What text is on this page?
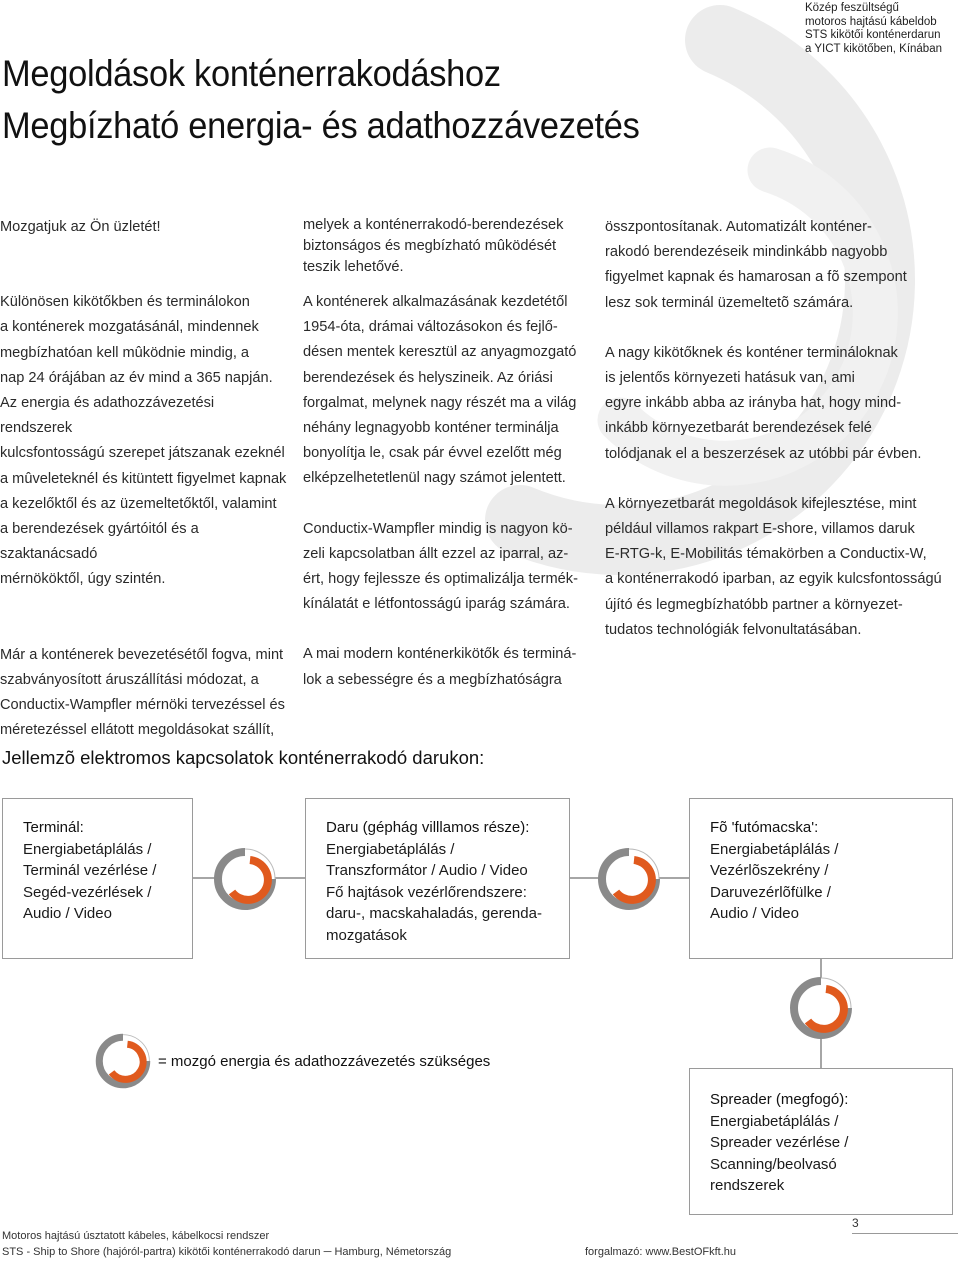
Közép feszültségű
motoros hajtású kábeldob
STS kikötői konténerdarun
a YICT kikötőben, Kínában
Megoldások konténerrakodáshoz
Megbízható energia- és adathozzávezetés

Mozgatjuk az Ön üzletét!

Különösen kikötőkben és terminálokon

a konténerek mozgatásánál, mindennek

megbízhatóan kell mûködnie mindig, a

nap 24 órájában az év mind a 365 napján.

Az energia és adathozzávezetési rendszerek

kulcsfontosságú szerepet játszanak ezeknél

a mûveleteknél és kitüntett figyelmet kapnak

a kezelőktől és az üzemeltetőktől, valamint

a berendezések gyártóitól és a szaktanácsadó

mérnököktől, úgy szintén.

Már a konténerek bevezetésétől fogva, mint

szabványosított áruszállítási módozat, a

Conductix-Wampfler mérnöki tervezéssel és

méretezéssel ellátott megoldásokat szállít,

melyek a konténerrakodó-berendezések

biztonságos és megbízható mûködését

teszik lehetővé.

A konténerek alkalmazásának kezdetétől

1954-óta, drámai változásokon és fejlő-

désen mentek keresztül az anyagmozgató

berendezések és helyszineik. Az óriási

forgalmat, melynek nagy részét ma a világ

néhány legnagyobb konténer terminálja

bonyolítja le, csak pár évvel ezelőtt még

elképzelhetetlenül nagy számot jelentett.

Conductix-Wampfler mindig is nagyon kö-

zeli kapcsolatban állt ezzel az iparral, az-

ért, hogy fejlessze és optimalizálja termék-

kínálatát e létfontosságú iparág számára.

A mai modern konténerkikötők és terminá-

lok a sebességre és a megbízhatóságra

összpontosítanak. Automatizált konténer-

rakodó berendezéseik mindinkább nagyobb

figyelmet kapnak és hamarosan a fõ szempont

lesz sok terminál üzemeltetõ számára.

A nagy kikötőknek és konténer termináloknak

is jelentős környezeti hatásuk van, ami

egyre inkább abba az irányba hat, hogy mind-

inkább környezetbarát berendezések felé

tolódjanak el a beszerzések az utóbbi pár évben.

A környezetbarát megoldások kifejlesztése, mint

például villamos rakpart E-shore, villamos daruk

E-RTG-k, E-Mobilitás témakörben a Conductix-W,

a konténerrakodó iparban, az egyik kulcsfontosságú

újító és legmegbízhatóbb partner a környezet-

tudatos technológiák felvonultatásában.

Jellemzõ elektromos kapcsolatok konténerrakodó darukon:
Terminál:
Energiabetáplálás /
Terminál vezérlése /
Segéd-vezérlések /
Audio / Video
Daru (géphág villlamos része):
Energiabetáplálás /
Transzformátor / Audio / Video
Fő hajtások vezérlőrendszere:
daru-, macskahaladás, gerenda-
mozgatások
Fõ 'futómacska':
Energiabetáplálás /
Vezérlõszekrény /
Daruvezérlõfülke /
Audio / Video
Spreader (megfogó):
Energiabetáplálás /
Spreader vezérlése /
Scanning/beolvasó
rendszerek
= mozgó energia és adathozzávezetés szükséges
Motoros hajtású úsztatott kábeles, kábelkocsi rendszer
STS - Ship to Shore (hajóról-partra) kikötői konténerrakodó darun ─ Hamburg, Németország	forgalmazó: www.BestOFkft.hu
3
